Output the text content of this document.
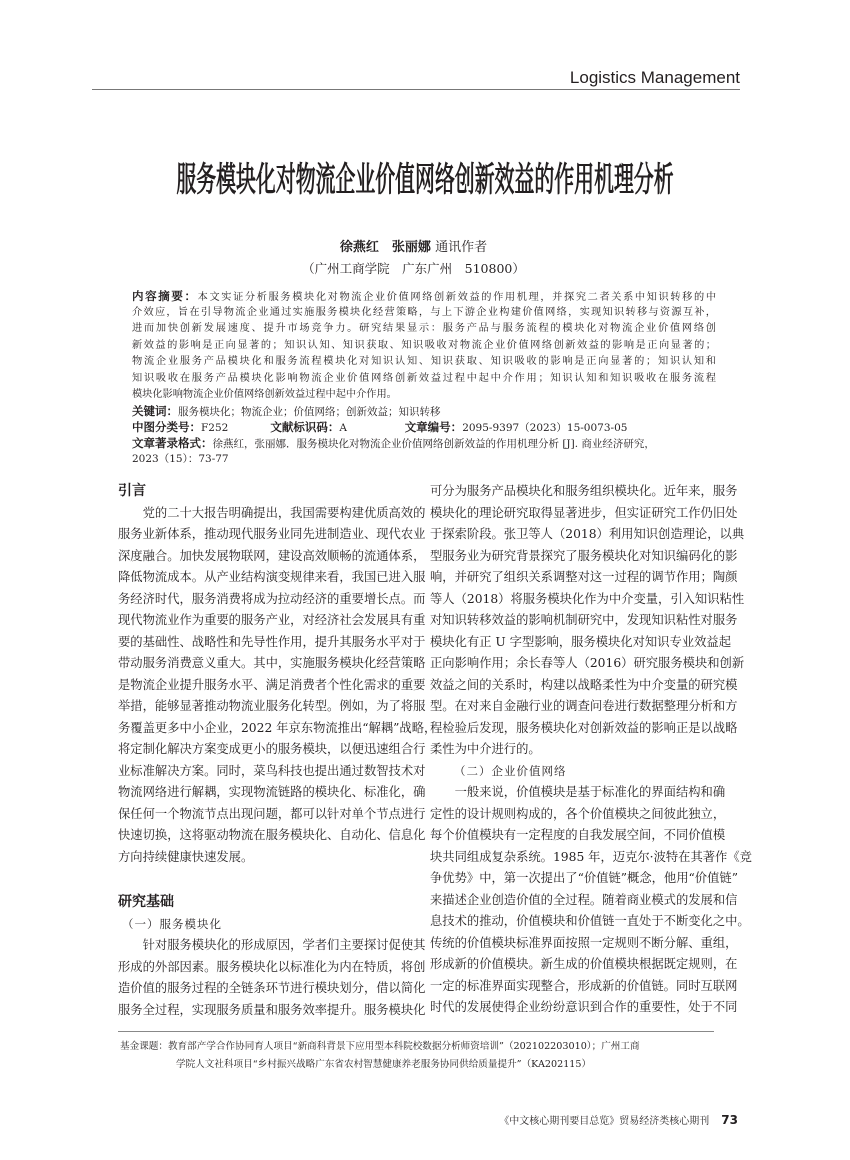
Logistics Management
服务模块化对物流企业价值网络创新效益的作用机理分析
徐燕红　张丽娜 通讯作者
（广州工商学院　广东广州　510800）
内容摘要：本文实证分析服务模块化对物流企业价值网络创新效益的作用机理，并探究二者关系中知识转移的中
介效应，旨在引导物流企业通过实施服务模块化经营策略，与上下游企业构建价值网络，实现知识转移与资源互补，
进而加快创新发展速度、提升市场竞争力。研究结果显示：服务产品与服务流程的模块化对物流企业价值网络创
新效益的影响是正向显著的；知识认知、知识获取、知识吸收对物流企业价值网络创新效益的影响是正向显著的；
物流企业服务产品模块化和服务流程模块化对知识认知、知识获取、知识吸收的影响是正向显著的；知识认知和
知识吸收在服务产品模块化影响物流企业价值网络创新效益过程中起中介作用；知识认知和知识吸收在服务流程
模块化影响物流企业价值网络创新效益过程中起中介作用。
关键词：服务模块化；物流企业；价值网络；创新效益；知识转移
中图分类号：F252	文献标识码：A	文章编号：2095-9397（2023）15-0073-05
文章著录格式：徐燕红，张丽娜．服务模块化对物流企业价值网络创新效益的作用机理分析 [J]. 商业经济研究，
2023（15）：73-77
引言
党的二十大报告明确提出，我国需要构建优质高效的
服务业新体系，推动现代服务业同先进制造业、现代农业
深度融合。加快发展物联网，建设高效顺畅的流通体系，
降低物流成本。从产业结构演变规律来看，我国已进入服
务经济时代，服务消费将成为拉动经济的重要增长点。而
现代物流业作为重要的服务产业，对经济社会发展具有重
要的基础性、战略性和先导性作用，提升其服务水平对于
带动服务消费意义重大。其中，实施服务模块化经营策略
是物流企业提升服务水平、满足消费者个性化需求的重要
举措，能够显著推动物流业服务化转型。例如，为了将服
务覆盖更多中小企业，2022 年京东物流推出“解耦”战略，
将定制化解决方案变成更小的服务模块，以便迅速组合行
业标准解决方案。同时，菜鸟科技也提出通过数智技术对
物流网络进行解耦，实现物流链路的模块化、标准化，确
保任何一个物流节点出现问题，都可以针对单个节点进行
快速切换，这将驱动物流在服务模块化、自动化、信息化
方向持续健康快速发展。
研究基础
（一）服务模块化
针对服务模块化的形成原因，学者们主要探讨促使其
形成的外部因素。服务模块化以标准化为内在特质，将创
造价值的服务过程的全链条环节进行模块划分，借以简化
服务全过程，实现服务质量和服务效率提升。服务模块化
可分为服务产品模块化和服务组织模块化。近年来，服务
模块化的理论研究取得显著进步，但实证研究工作仍旧处
于探索阶段。张卫等人（2018）利用知识创造理论，以典
型服务业为研究背景探究了服务模块化对知识编码化的影
响，并研究了组织关系调整对这一过程的调节作用；陶颜
等人（2018）将服务模块化作为中介变量，引入知识粘性
对知识转移效益的影响机制研究中，发现知识粘性对服务
模块化有正 U 字型影响，服务模块化对知识专业效益起
正向影响作用；余长春等人（2016）研究服务模块和创新
效益之间的关系时，构建以战略柔性为中介变量的研究模
型。在对来自金融行业的调查问卷进行数据整理分析和方
程检验后发现，服务模块化对创新效益的影响正是以战略
柔性为中介进行的。
（二）企业价值网络
一般来说，价值模块是基于标准化的界面结构和确
定性的设计规则构成的，各个价值模块之间彼此独立，
每个价值模块有一定程度的自我发展空间，不同价值模
块共同组成复杂系统。1985 年，迈克尔·波特在其著作《竞
争优势》中，第一次提出了“价值链”概念，他用“价值链”
来描述企业创造价值的全过程。随着商业模式的发展和信
息技术的推动，价值模块和价值链一直处于不断变化之中。
传统的价值模块标准界面按照一定规则不断分解、重组，
形成新的价值模块。新生成的价值模块根据既定规则，在
一定的标准界面实现整合，形成新的价值链。同时互联网
时代的发展使得企业纷纷意识到合作的重要性，处于不同
基金课题：教育部产学合作协同育人项目“新商科背景下应用型本科院校数据分析师资培训”（202102203010）；广州工商
学院人文社科项目“乡村振兴战略广东省农村智慧健康养老服务协同供给质量提升”（KA202115）
《中文核心期刊要目总览》贸易经济类核心期刊 73
